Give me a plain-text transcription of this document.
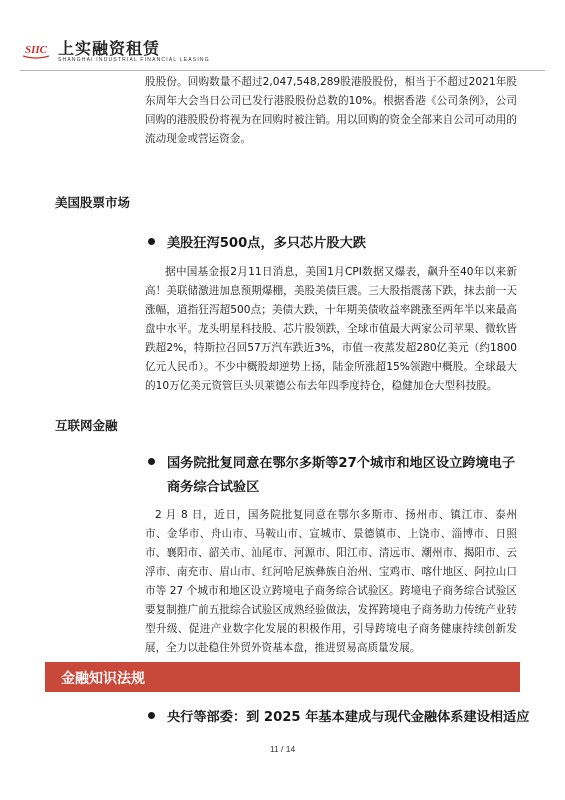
SIIC 上实融资租赁
SHANGHAI INDUSTRIAL FINANCIAL LEASING
股股份。回购数量不超过2,047,548,289股港股股份，相当于不超过2021年股东周年大会当日公司已发行港股股份总数的10%。根据香港《公司条例》，公司回购的港股股份将视为在回购时被注销。用以回购的资金全部来自公司可动用的流动现金或营运资金。
美国股票市场
美股狂泻500点，多只芯片股大跌
据中国基金报2月11日消息，美国1月CPI数据又爆表，飙升至40年以来新高！美联储激进加息预期爆棚，美股美债巨震。三大股指震荡下跌，抹去前一天涨幅，道指狂泻超500点；美债大跌，十年期美债收益率跳涨至两年半以来最高盘中水平。龙头明星科技股、芯片股领跌，全球市值最大两家公司苹果、微软皆跌超2%，特斯拉召回57万汽车跌近3%，市值一夜蒸发超280亿美元（约1800亿元人民币）。不少中概股却逆势上扬，陆金所涨超15%领跑中概股。全球最大的10万亿美元资管巨头贝莱德公布去年四季度持仓，稳健加仓大型科技股。
互联网金融
国务院批复同意在鄂尔多斯等27个城市和地区设立跨境电子商务综合试验区
2 月 8 日，近日，国务院批复同意在鄂尔多斯市、扬州市、镇江市、泰州市、金华市、舟山市、马鞍山市、宣城市、景德镇市、上饶市、淄博市、日照市、襄阳市、韶关市、汕尾市、河源市、阳江市、清远市、潮州市、揭阳市、云浮市、南充市、眉山市、红河哈尼族彝族自治州、宝鸡市、喀什地区、阿拉山口市等 27 个城市和地区设立跨境电子商务综合试验区。跨境电子商务综合试验区要复制推广前五批综合试验区成熟经验做法，发挥跨境电子商务助力传统产业转型升级、促进产业数字化发展的积极作用，引导跨境电子商务健康持续创新发展，全力以赴稳住外贸外资基本盘，推进贸易高质量发展。
金融知识法规
央行等部委：到 2025 年基本建成与现代金融体系建设相适应
11 / 14
